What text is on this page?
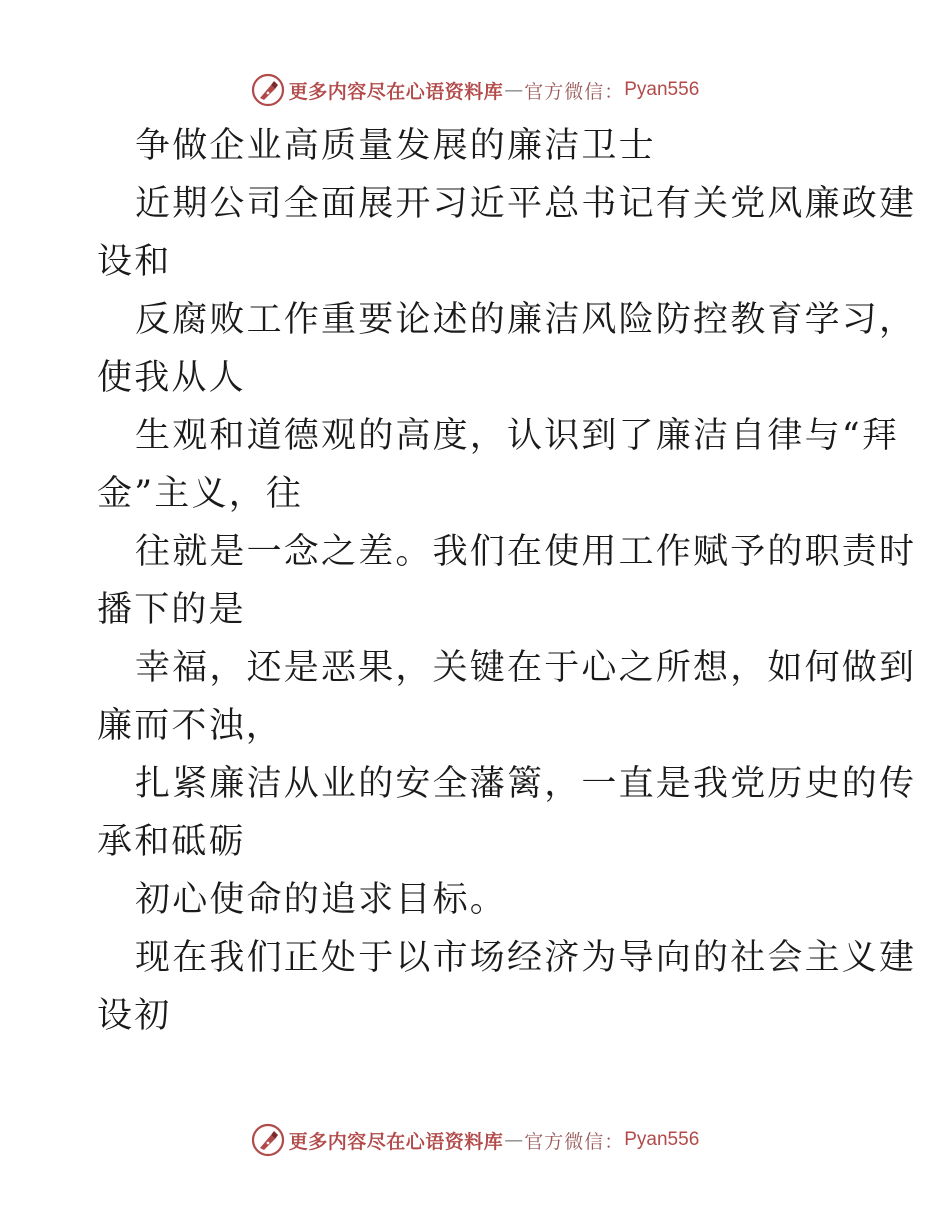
更多内容尽在心语资料库 — 官方微信： Pyan556
争做企业高质量发展的廉洁卫士
近期公司全面展开习近平总书记有关党风廉政建
设和
反腐败工作重要论述的廉洁风险防控教育学习，
使我从人
生观和道德观的高度，认识到了廉洁自律与“拜
金”主义，往
往就是一念之差。我们在使用工作赋予的职责时
播下的是
幸福，还是恶果，关键在于心之所想，如何做到
廉而不浊，
扎紧廉洁从业的安全藩篱，一直是我党历史的传
承和砥砺
初心使命的追求目标。
现在我们正处于以市场经济为导向的社会主义建
设初
更多内容尽在心语资料库 — 官方微信： Pyan556
